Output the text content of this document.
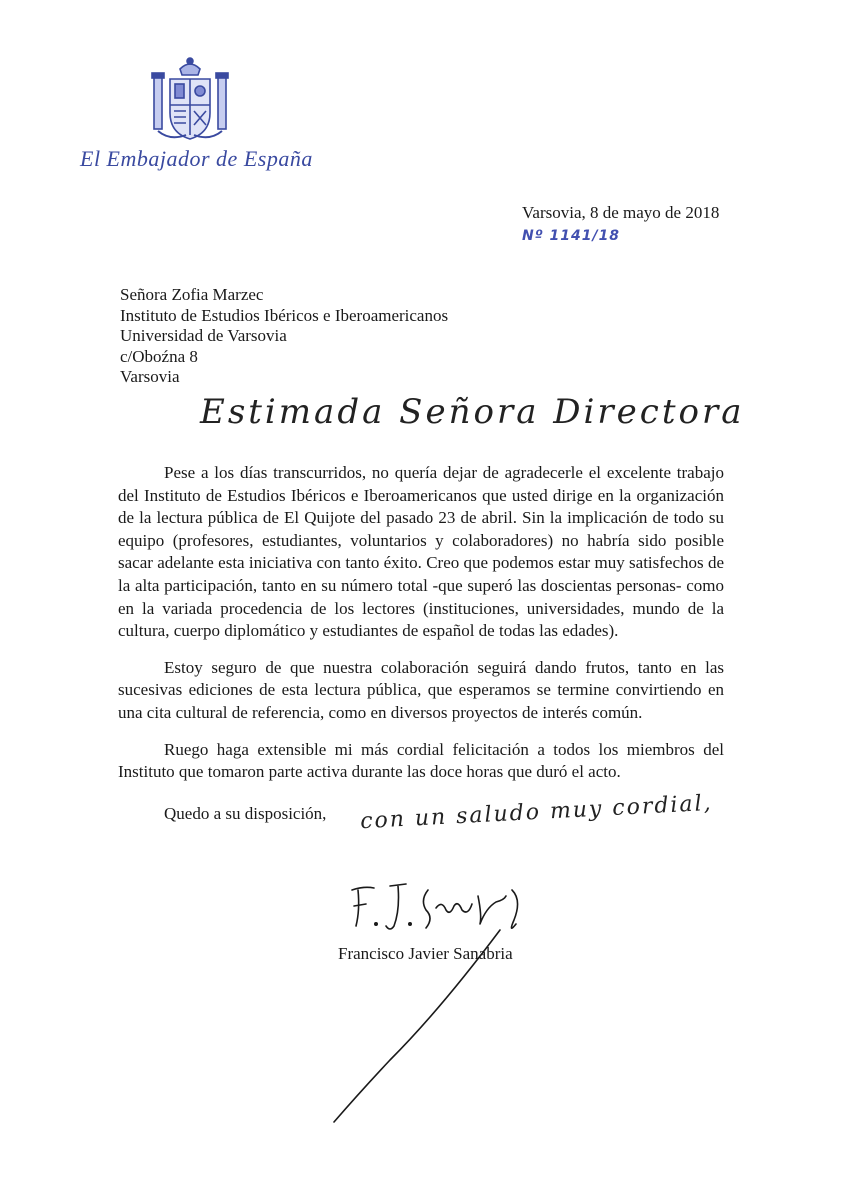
El Embajador de España
Varsovia, 8 de mayo de 2018
Nº 1141/18
Señora Zofia Marzec
Instituto de Estudios Ibéricos e Iberoamericanos
Universidad de Varsovia
c/Oboźna 8
Varsovia
Estimada Señora Directora

Pese a los días transcurridos, no quería dejar de agradecerle el excelente trabajo del Instituto de Estudios Ibéricos e Iberoamericanos que usted dirige en la organización de la lectura pública de El Quijote del pasado 23 de abril. Sin la implicación de todo su equipo (profesores, estudiantes, voluntarios y colaboradores) no habría sido posible sacar adelante esta iniciativa con tanto éxito. Creo que podemos estar muy satisfechos de la alta participación, tanto en su número total -que superó las doscientas personas- como en la variada procedencia de los lectores (instituciones, universidades, mundo de la cultura, cuerpo diplomático y estudiantes de español de todas las edades).

Estoy seguro de que nuestra colaboración seguirá dando frutos, tanto en las sucesivas ediciones de esta lectura pública, que esperamos se termine convirtiendo en una cita cultural de referencia, como en diversos proyectos de interés común.

Ruego haga extensible mi más cordial felicitación a todos los miembros del Instituto que tomaron parte activa durante las doce horas que duró el acto.

Quedo a su disposición, con un saludo muy cordial,
Francisco Javier Sanabria
